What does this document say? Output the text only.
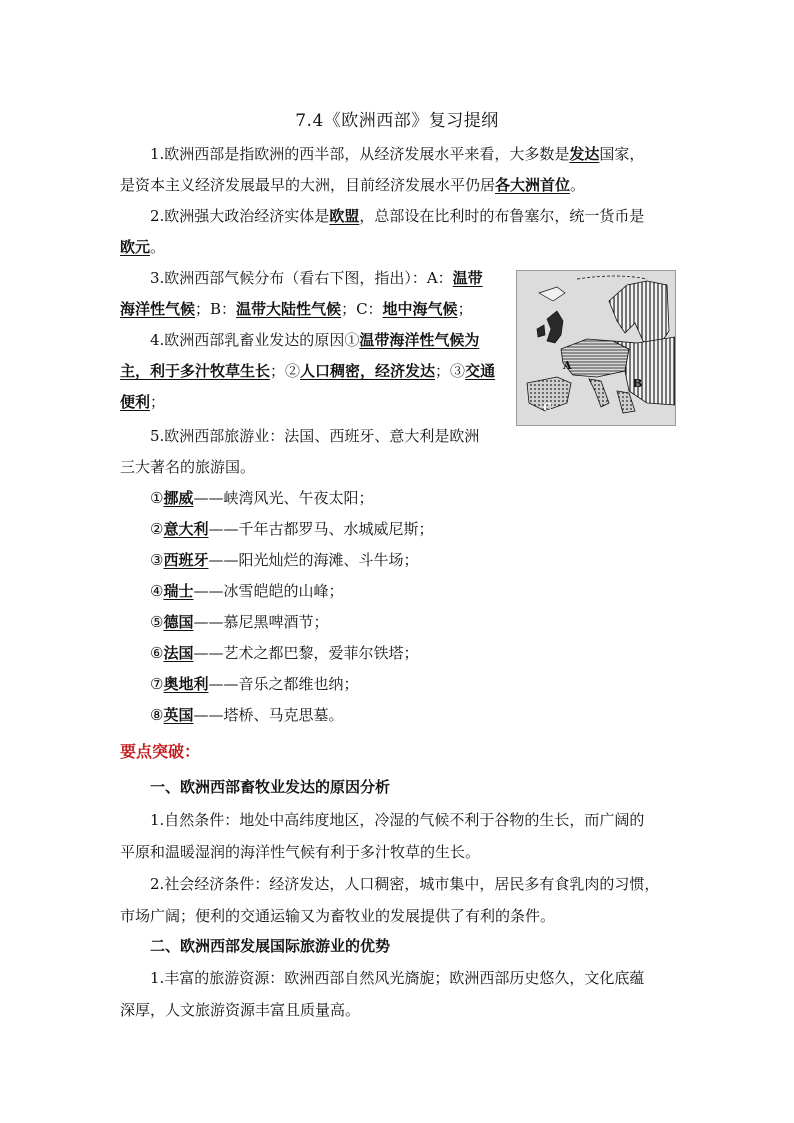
7.4《欧洲西部》复习提纲
1.欧洲西部是指欧洲的西半部，从经济发展水平来看，大多数是发达国家，
是资本主义经济发展最早的大洲，目前经济发展水平仍居各大洲首位。
2.欧洲强大政治经济实体是欧盟，总部设在比利时的布鲁塞尔，统一货币是
欧元。
3.欧洲西部气候分布（看右下图，指出）：A：温带
海洋性气候；B：温带大陆性气候；C：地中海气候；
4.欧洲西部乳畜业发达的原因①温带海洋性气候为
主，利于多汁牧草生长；②人口稠密，经济发达；③交通
便利；
5.欧洲西部旅游业：法国、西班牙、意大利是欧洲
三大著名的旅游国。
①挪威——峡湾风光、午夜太阳；
②意大利——千年古都罗马、水城威尼斯；
③西班牙——阳光灿烂的海滩、斗牛场；
④瑞士——冰雪皑皑的山峰；
⑤德国——慕尼黑啤酒节；
⑥法国——艺术之都巴黎，爱菲尔铁塔；
⑦奥地利——音乐之都维也纳；
⑧英国——塔桥、马克思墓。
要点突破：
一、欧洲西部畜牧业发达的原因分析
1.自然条件：地处中高纬度地区，冷湿的气候不利于谷物的生长，而广阔的
平原和温暖湿润的海洋性气候有利于多汁牧草的生长。
2.社会经济条件：经济发达，人口稠密，城市集中，居民多有食乳肉的习惯，
市场广阔；便利的交通运输又为畜牧业的发展提供了有利的条件。
二、欧洲西部发展国际旅游业的优势
1.丰富的旅游资源：欧洲西部自然风光旖旎；欧洲西部历史悠久，文化底蕴
深厚，人文旅游资源丰富且质量高。
A
B
C
